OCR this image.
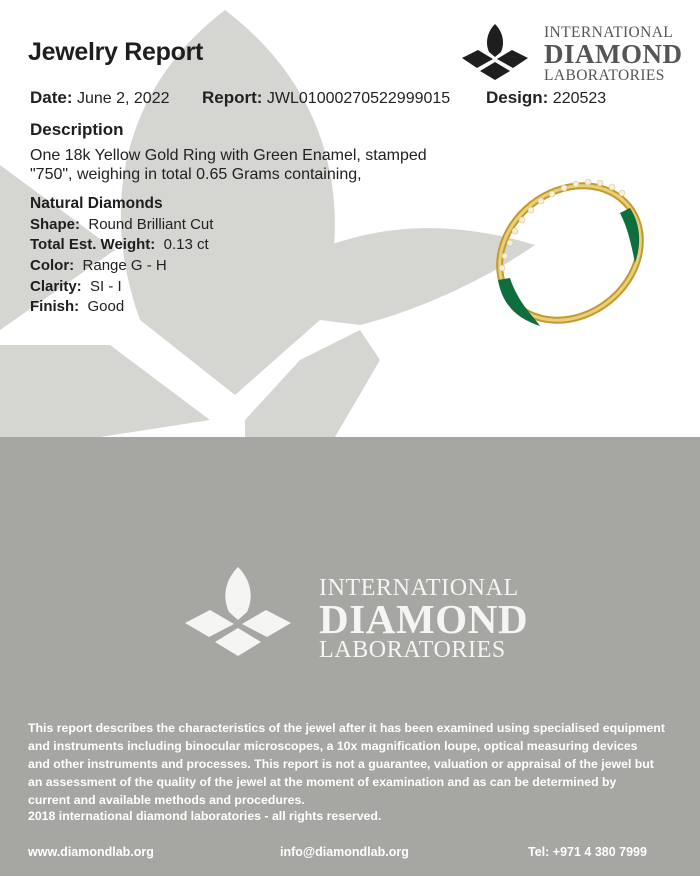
Jewelry Report
INTERNATIONAL
DIAMOND
LABORATORIES
Date: June 2, 2022 Report: JWL01000270522999015 Design: 220523
Description
One 18k Yellow Gold Ring with Green Enamel, stamped
"750", weighing in total 0.65 Grams containing,
Natural Diamonds
Shape: Round Brilliant Cut
Total Est. Weight: 0.13 ct
Color: Range G - H
Clarity: SI - I
Finish: Good
INTERNATIONAL
DIAMOND
LABORATORIES
This report describes the characteristics of the jewel after it has been examined using specialised equipment
and instruments including binocular microscopes, a 10x magnification loupe, optical measuring devices
and other instruments and processes. This report is not a guarantee, valuation or appraisal of the jewel but
an assessment of the quality of the jewel at the moment of examination and as can be determined by
current and available methods and procedures.
2018 international diamond laboratories - all rights reserved.
www.diamondlab.org	info@diamondlab.org	Tel: +971 4 380 7999
